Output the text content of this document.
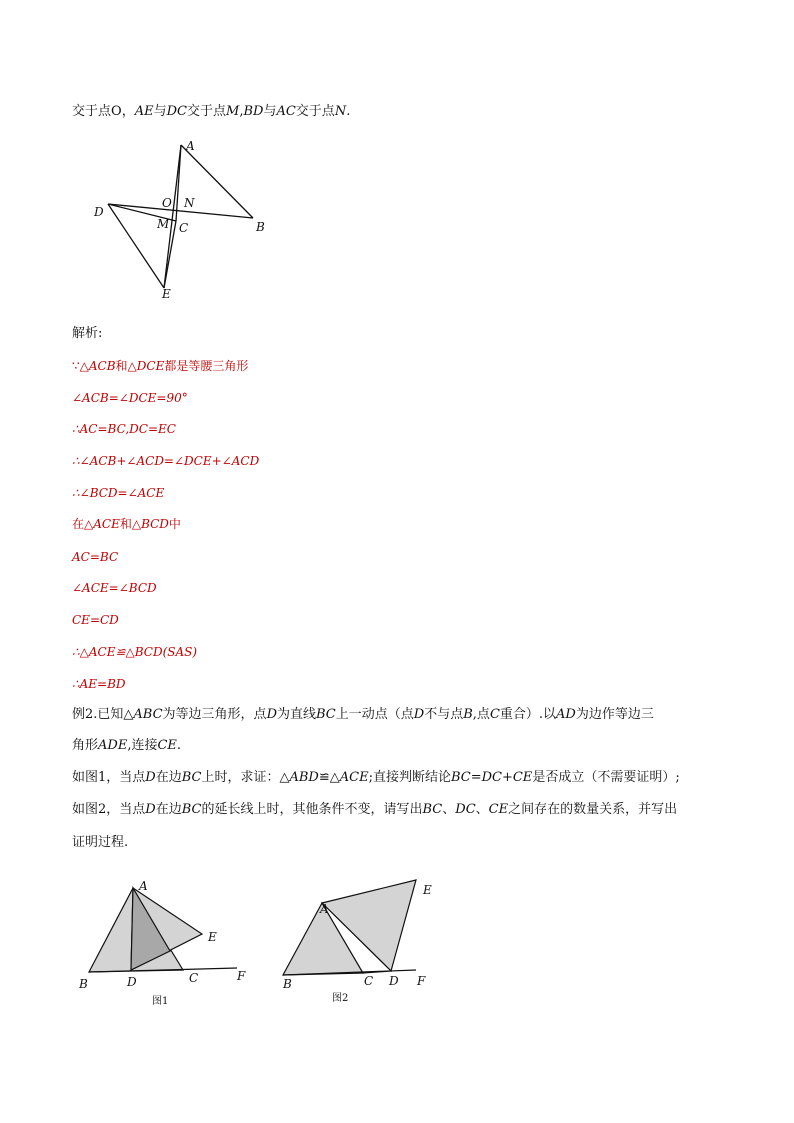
交于点O，AE与DC交于点M,BD与AC交于点N.
A
B
C
D
E
O
M
N
解析:
∵△ACB和△DCE都是等腰三角形
∠ACB=∠DCE=90°
∴AC=BC,DC=EC
∴∠ACB+∠ACD=∠DCE+∠ACD
∴∠BCD=∠ACE
在△ACE和△BCD中
AC=BC
∠ACE=∠BCD
CE=CD
∴△ACE≌△BCD(SAS)
∴AE=BD
例2.已知△ABC为等边三角形，点D为直线BC上一动点（点D不与点B,点C重合）.以AD为边作等边三
角形ADE,连接CE.
如图1，当点D在边BC上时，求证：△ABD≌△ACE;直接判断结论BC=DC+CE是否成立（不需要证明）;
如图2，当点D在边BC的延长线上时，其他条件不变，请写出BC、DC、CE之间存在的数量关系，并写出
证明过程.
A
B	C
D
E
F
图1
A
B	C D
E
F
图2
